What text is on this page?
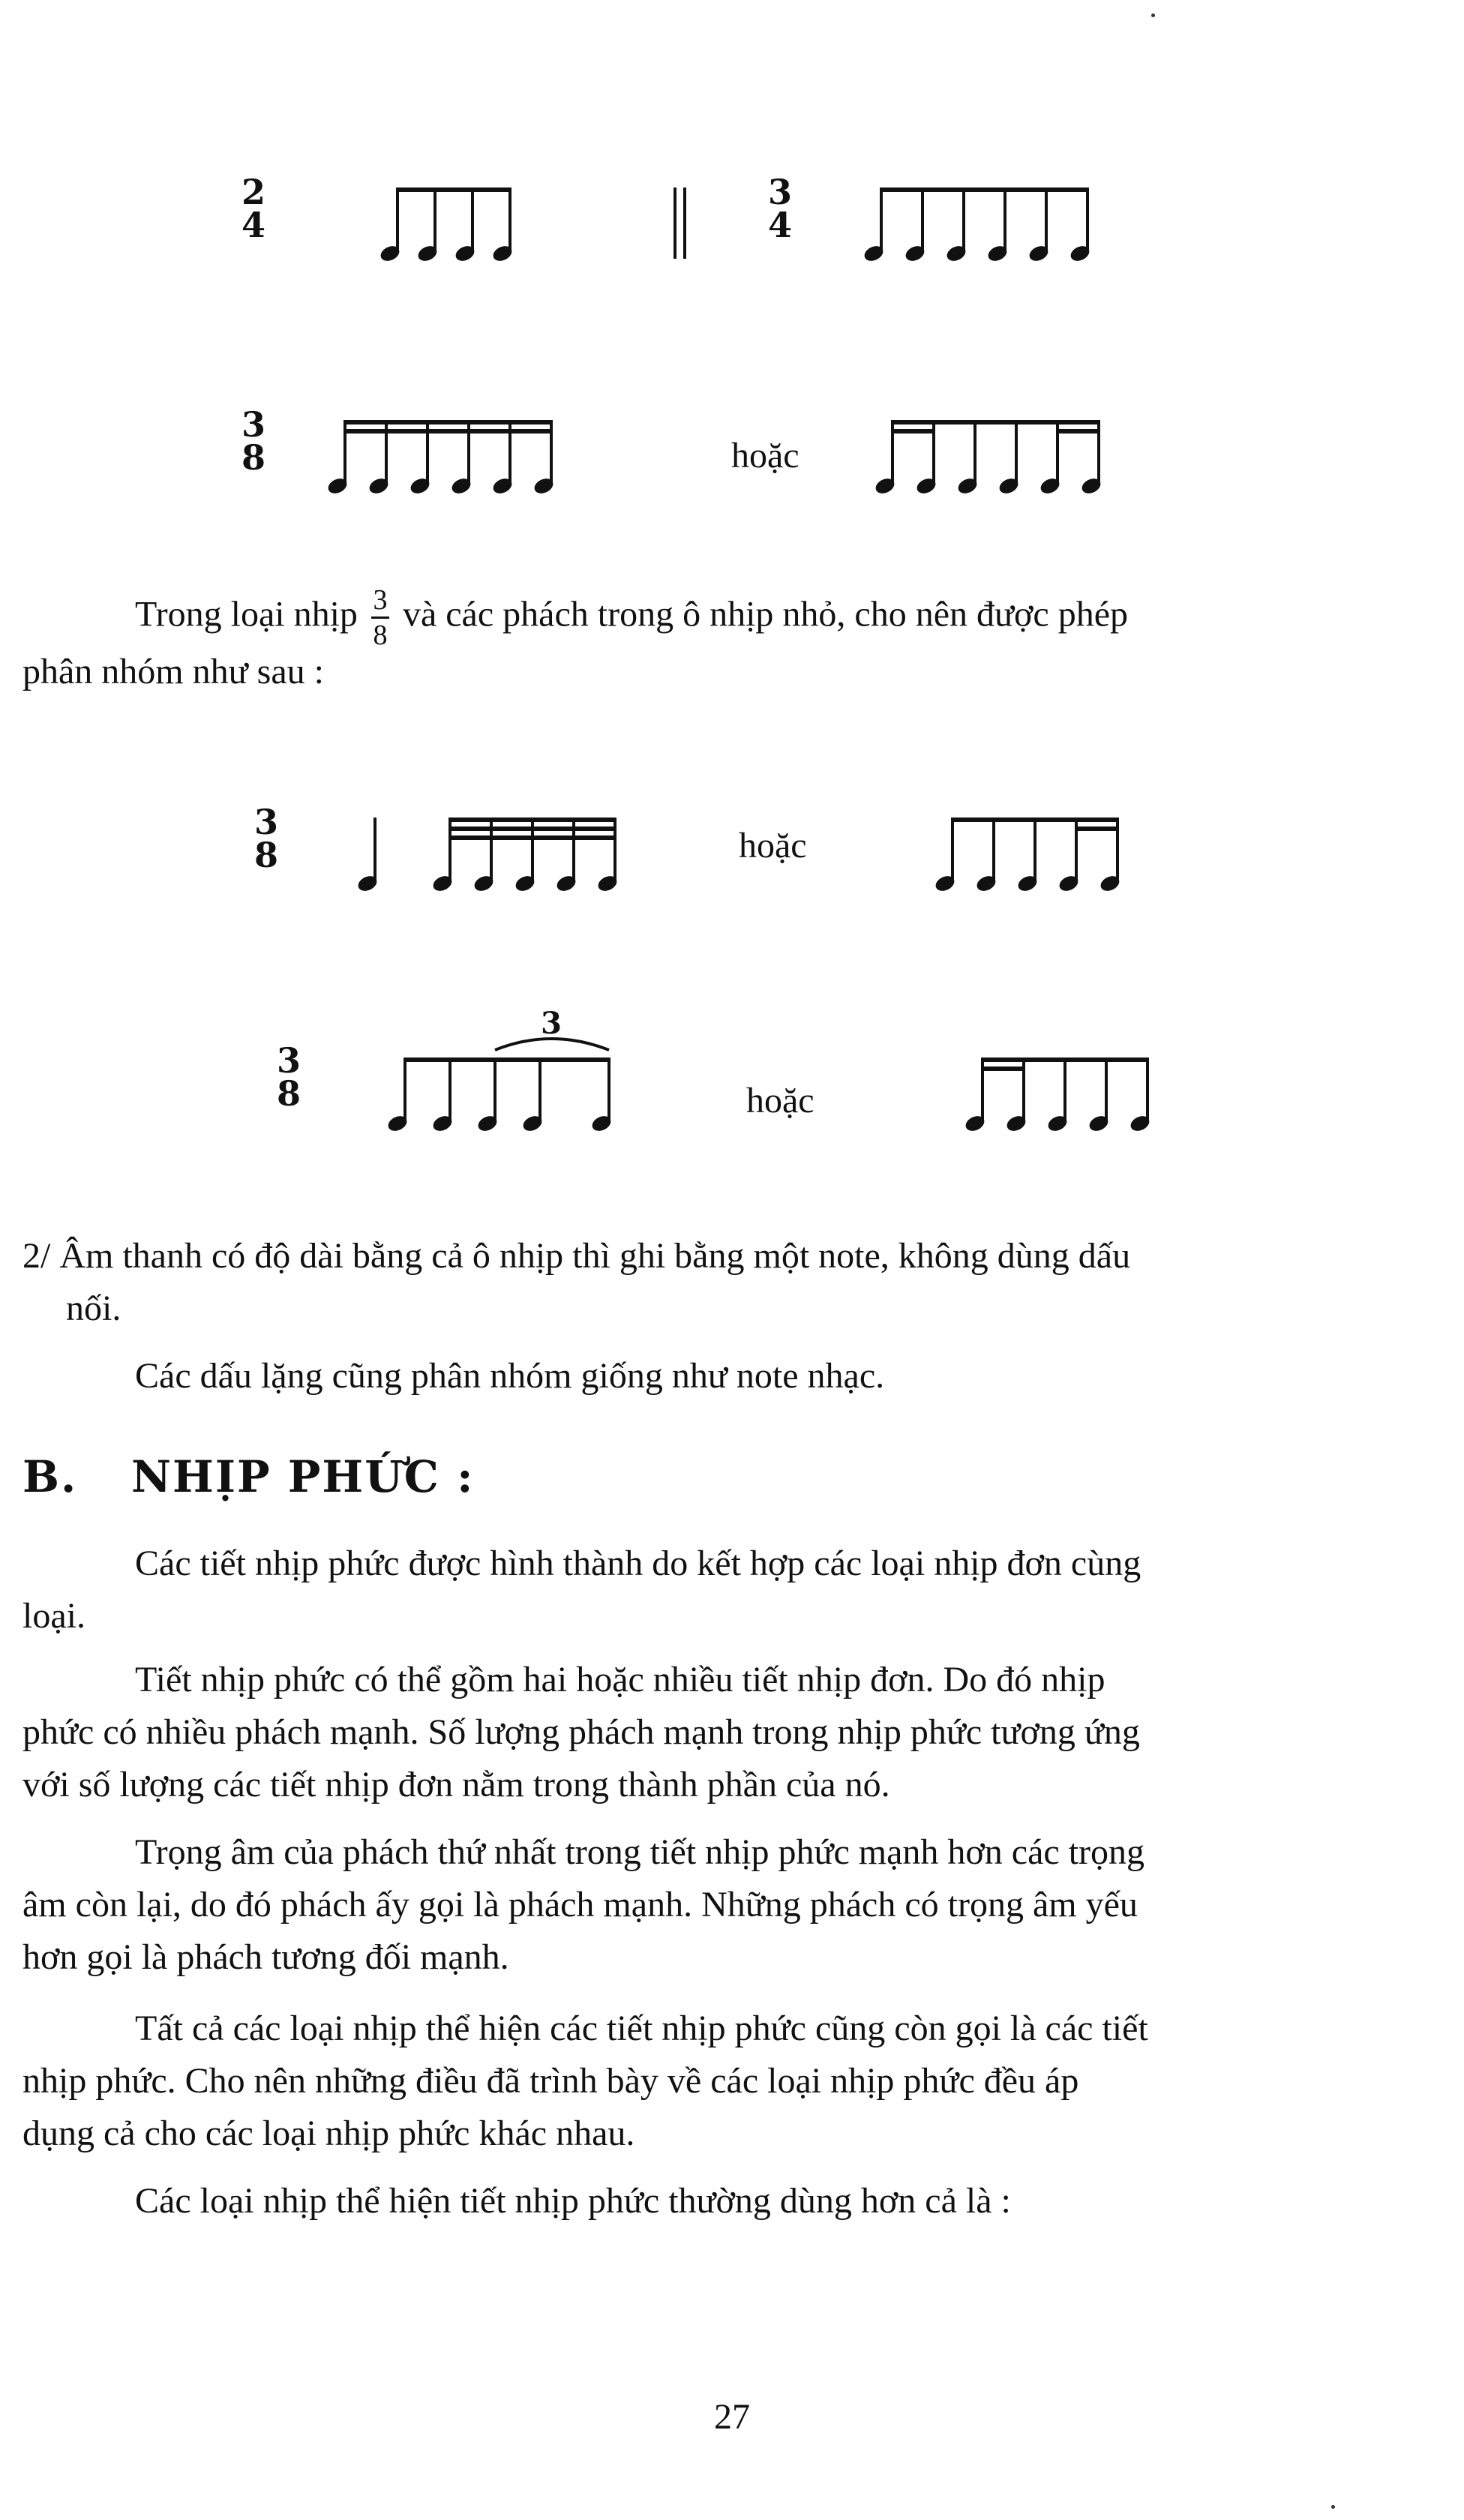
2
4
3
4
3
8	hoặc
Trong loại nhịp $\frac{3}{8}$ và các phách trong ô nhịp nhỏ, cho nên được phép
phân nhóm như sau :
3
8	hoặc
3
8
3
hoặc
2/ Âm thanh có độ dài bằng cả ô nhịp thì ghi bằng một note, không dùng dấu
nối.
Các dấu lặng cũng phân nhóm giống như note nhạc.
B. NHỊP PHỨC :
Các tiết nhịp phức được hình thành do kết hợp các loại nhịp đơn cùng
loại.
Tiết nhịp phức có thể gồm hai hoặc nhiều tiết nhịp đơn. Do đó nhịp
phức có nhiều phách mạnh. Số lượng phách mạnh trong nhịp phức tương ứng
với số lượng các tiết nhịp đơn nằm trong thành phần của nó.
Trọng âm của phách thứ nhất trong tiết nhịp phức mạnh hơn các trọng
âm còn lại, do đó phách ấy gọi là phách mạnh. Những phách có trọng âm yếu
hơn gọi là phách tương đối mạnh.
Tất cả các loại nhịp thể hiện các tiết nhịp phức cũng còn gọi là các tiết
nhịp phức. Cho nên những điều đã trình bày về các loại nhịp phức đều áp
dụng cả cho các loại nhịp phức khác nhau.
Các loại nhịp thể hiện tiết nhịp phức thường dùng hơn cả là :
27
